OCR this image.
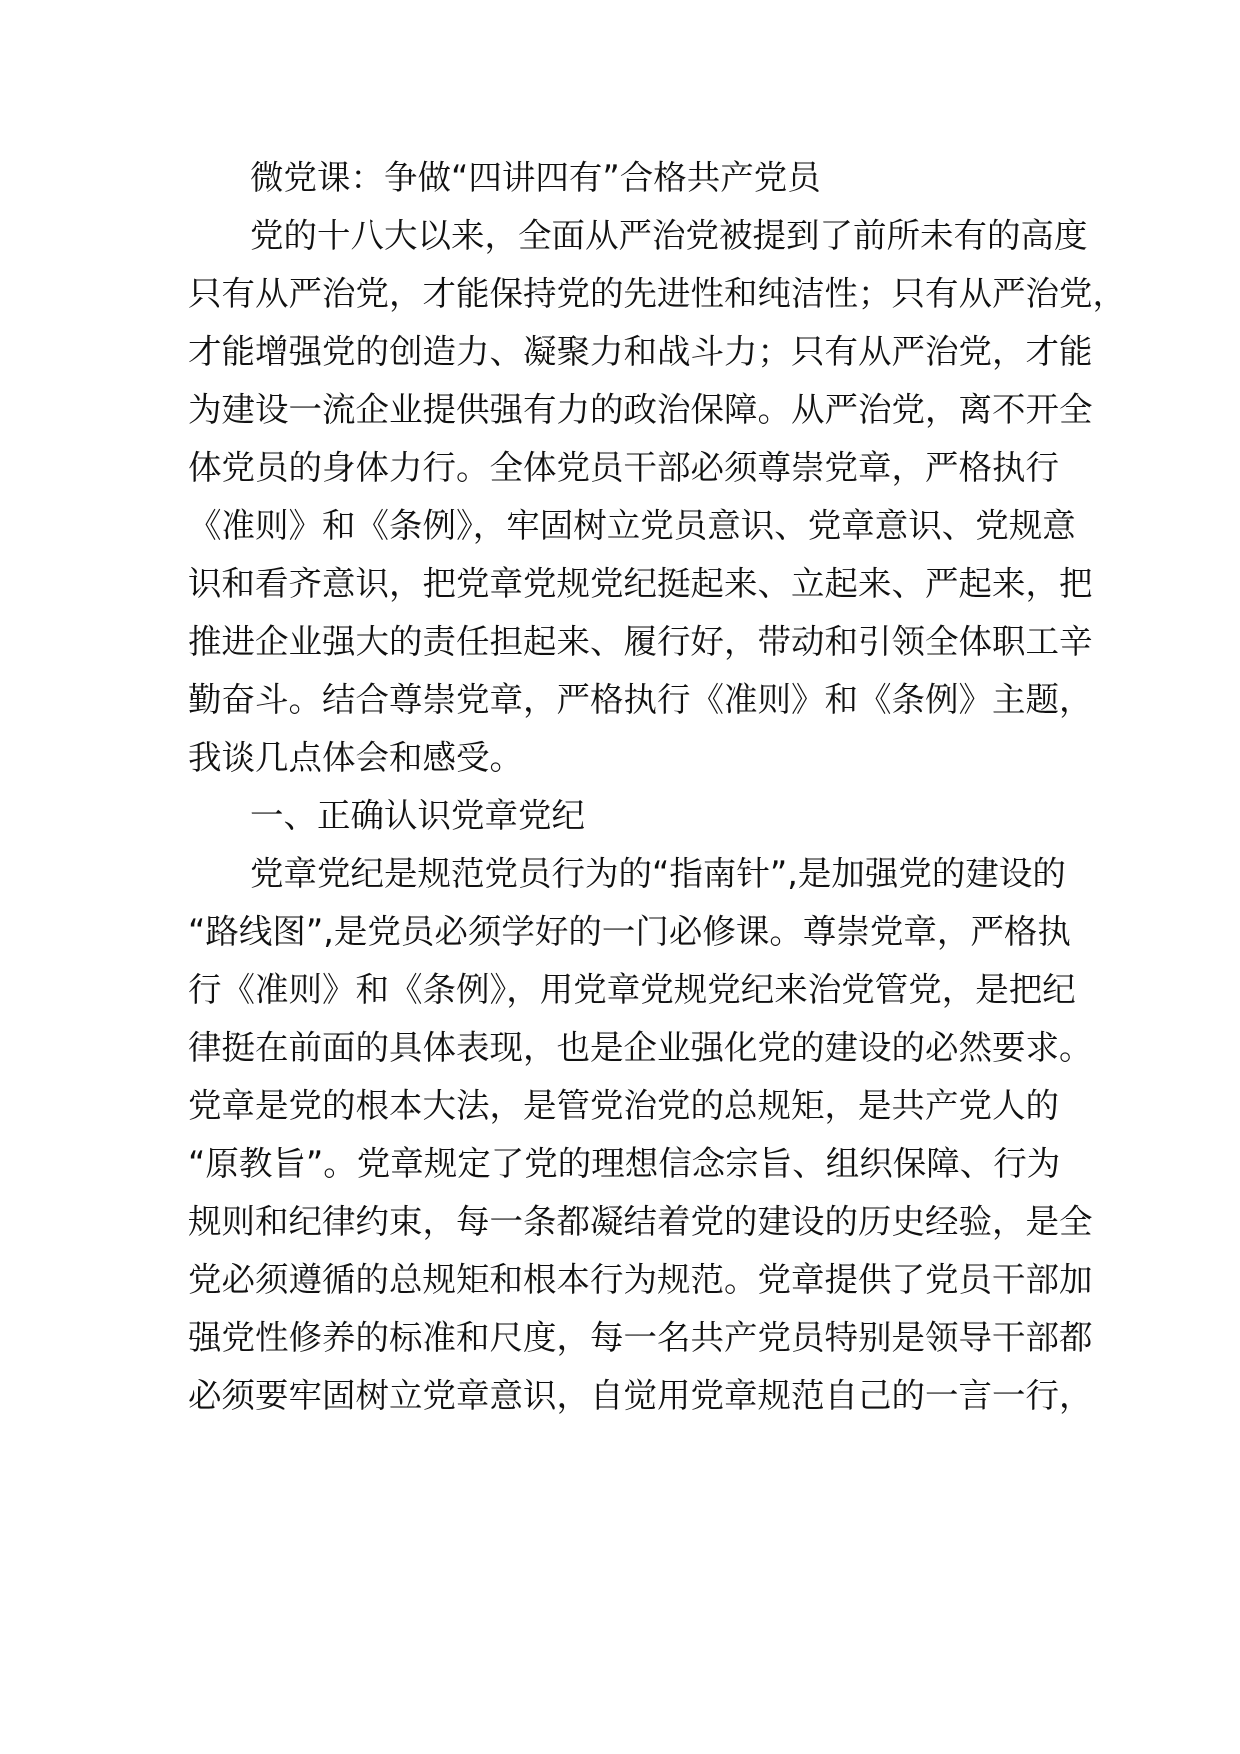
微党课：争做“四讲四有”合格共产党员
党的十八大以来，全面从严治党被提到了前所未有的高度
只有从严治党，才能保持党的先进性和纯洁性；只有从严治党，
才能增强党的创造力、凝聚力和战斗力；只有从严治党，才能
为建设一流企业提供强有力的政治保障。从严治党，离不开全
体党员的身体力行。全体党员干部必须尊崇党章，严格执行
《准则》和《条例》，牢固树立党员意识、党章意识、党规意
识和看齐意识，把党章党规党纪挺起来、立起来、严起来，把
推进企业强大的责任担起来、履行好，带动和引领全体职工辛
勤奋斗。结合尊崇党章，严格执行《准则》和《条例》主题，
我谈几点体会和感受。
一、正确认识党章党纪
党章党纪是规范党员行为的“指南针”,是加强党的建设的
“路线图”,是党员必须学好的一门必修课。尊崇党章，严格执
行《准则》和《条例》，用党章党规党纪来治党管党，是把纪
律挺在前面的具体表现，也是企业强化党的建设的必然要求。
党章是党的根本大法，是管党治党的总规矩，是共产党人的
“原教旨”。党章规定了党的理想信念宗旨、组织保障、行为
规则和纪律约束，每一条都凝结着党的建设的历史经验，是全
党必须遵循的总规矩和根本行为规范。党章提供了党员干部加
强党性修养的标准和尺度，每一名共产党员特别是领导干部都
必须要牢固树立党章意识，自觉用党章规范自己的一言一行，
